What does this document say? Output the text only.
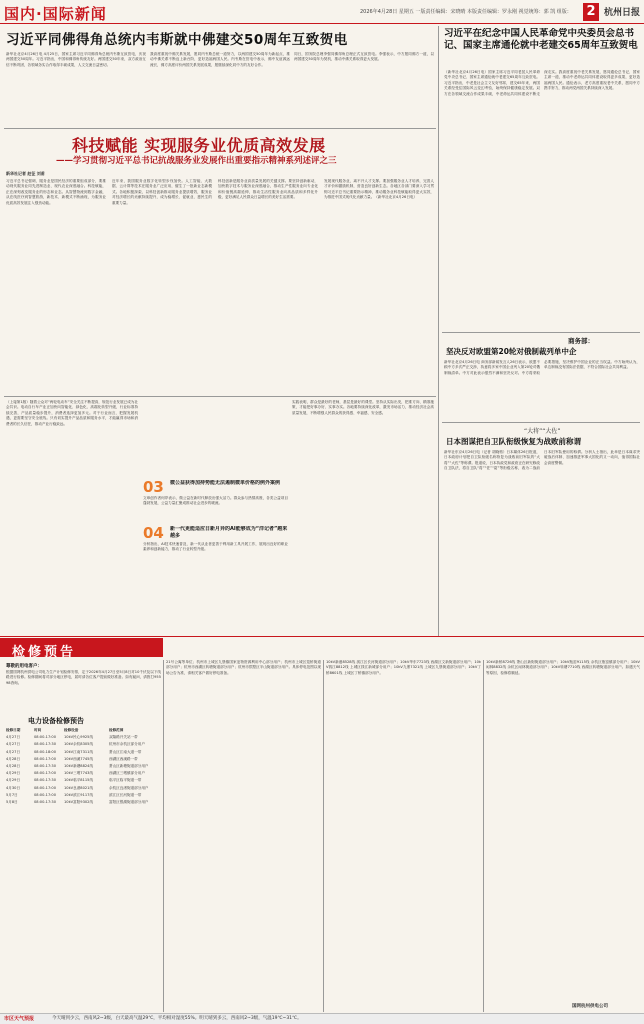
国内·国际新闻	2026年4月28日 星期五 一版责任编辑：宋晓晴 本版责任编辑：罗永刚 视觉统筹：郭 凯 组版： 2 杭州日报
习近平同佛得角总统内韦斯就中佛建交50周年互致贺电
新华社北京4月26日电 4月25日，国家主席习近平同佛得角总统内韦斯互致贺电，庆祝两国建交50周年。习近平指出，中国和佛得角传统友好。两国建交50年来，双方政治互信不断巩固，各领域务实合作取得丰硕成果，人文交流日益密切。
我高度重视中佛关系发展，愿同内韦斯总统一道努力，以两国建交50周年为新起点，推动中佛关系不断迈上新台阶，更好造福两国人民。内韦斯在贺电中表示，佛中友谊源远流长，佛方高度评价两国关系发展成果，愿继续深化同中方的友好合作。
同日，国务院总理李强同佛得角总理正式互致贺电。李强表示，中方愿同佛方一道，以两国建交50周年为契机，推动中佛关系取得更大发展。
科技赋能 实现服务业优质高效发展
——学习贯彻习近平总书记抗战服务业发展作出重要指示精神系列述评之三
新华社记者 赵征 刘甫
习近平总书记强调，服务业是国民经济的重要组成部分，要推动现代服务业同先进制造业、现代农业深度融合。科技赋能，正在深刻改变服务业的形态和业态。从智慧物流到数字金融，从在线医疗到智慧旅游，新技术、新模式不断涌现，为服务业优质高效发展注入强劲动能。
近年来，我国服务业数字化转型步伐加快。人工智能、大数据、云计算等技术在服务业广泛应用，催生了一批新业态新模式。各地积极探索，以科技创新推动服务业提质增效，服务业对经济增长的贡献持续提升，成为稳增长、促就业、惠民生的重要力量。
科技创新是服务业高质量发展的关键支撑。要坚持创新驱动，加快数字技术与服务业深度融合，推动生产性服务业向专业化和价值链高端延伸，推动生活性服务业向高品质和多样化升级，更好满足人民群众日益增长的美好生活需要。
发展现代服务业，离不开人才支撑。要加强服务业人才培养，完善人才评价和激励机制，营造良好创新生态。各地区各部门要深入学习贯彻习近平总书记重要指示精神，推动服务业科技赋能取得更大实效，为推进中国式现代化贡献力量。（新华社北京4月26日电）
习近平在纪念中国人民革命党中央委员会总书记、国家主席通伦就中老建交65周年互致贺电
（新华社北京4月26日电）国家主席习近平同老挝人民革命党中央总书记、国家主席通伦就中老建交65周年互致贺电。习近平指出，中老是社会主义友好邻邦，建交65年来，两国关系经受住国际风云变幻考验，始终保持健康稳定发展。双方在各领域交流合作成果丰硕，中老命运共同体建设不断走深走实。我高度重视中老关系发展，愿同通伦总书记、国家主席一道，推动中老命运共同体建设取得更多成果，更好造福两国人民。通伦表示，老方高度重视老中关系，愿同中方携手努力，推动两党两国关系持续深入发展。
商务部：
坚决反对欧盟第20轮对俄制裁列单中企
新华社北京4月26日电 商务部新闻发言人26日表示，欧盟不顾中方多次严正交涉，执意将多家中国企业列入第20轮对俄制裁清单。中方对此表示强烈不满和坚决反对。中方将采取必要措施，坚决维护中国企业的正当权益。中方始终认为，单边制裁没有国际法依据，不符合国际社会共同利益。
“大将”“大佐”
日本图谋把自卫队衔级恢复为战败前称谓
新华社东京4月26日电（记者 胡晓格）日本媒体26日报道，日本政府计划把自卫队衔级名称恢复为战败前旧军队的“大将”“大佐”等称谓。报道说，日本执政党和政府正在研究修改自卫队法，将自卫队“将”“佐”“尉”等衔级名称，改为二战前日本旧军队使用的称谓。分析人士指出，此举是日本谋求突破战后体制、加速推进军事大国化的又一动向，值得国际社会高度警惕。
（上接第1版）随着公众对“两轮电动车”安全关注不断提高，规范行业发展已成为社会共识。电动自行车产业正加快向智能化、绿色化、高端化转型升级，行业标准持续完善，产品质量稳步提升，消费者选择更加多元。对于行业而言，把握发展机遇，更需要坚守安全底线。只有切实提升产品品质和服务水平，才能赢得市场和消费者的长久信任，推动产业行稳致远。
03 微公益获得加持势能无法遏制微单价格的例外案例
文章创作者何岸表示，微公益在新时代释放出强大活力。群众参与热情高涨，各类公益项目蓬勃发展，公益力量汇聚成推动社会进步的暖流。
04 新一代更能适应日新月异的AI能够成为“洋记者”越来越多
分析指出，AI技术快速普及，新一代从业者更善于利用新工具开展工作，展现出良好的职业素养和创新能力，推动了行业转型升级。
实践表明，群众是最好的老师，基层是最好的课堂。坚持从实际出发，把准方向、精准施策，才能把好事办好、实事办实。各地要持续深化改革，激发市场活力，推动经济社会高质量发展，不断增强人民群众的获得感、幸福感、安全感。
检修预告
尊敬的用电客户：
根据国网杭州供电公司电力生产计划检修安排，定于2026年4月27日至5月8日对10千伏及以下线路进行检修。检修期间将对部分地区停电，届时请各位客户提前做好准备。如有疑问，请拨打95598咨询。
电力设备检修预告
检修日期	时间	检修设备	检修范围
4月27日	08:00-17:00	10kV民心9925线	双隆路开关站一带
4月27日	08:00-17:30	10kV余杭8305线	杭州市余杭区部分用户
4月27日	08:00-18:00	10kV江南7311线	萧山区江南大道一带
4月28日	08:00-17:00	10kV西溪7745线	西湖区西溪路一带
4月28日	08:00-17:30	10kV新塘8824线	萧山区新塘街道部分用户
4月29日	08:00-17:00	10kV三墩7743线	西湖区三墩镇部分用户
4月29日	08:00-17:30	10kV临平8115线	临平区临平街道一带
4月30日	08:00-17:00	10kV良渚8021线	余杭区良渚街道部分用户
5月7日	08:00-17:00	10kV滨江9117线	滨江区长河街道一带
5月8日	08:00-17:30	10kV富阳9302线	富阳区银湖街道部分用户
21号公寓等单位；杭州市上城区九堡镇国家宠物资源利用中心部分用户；杭州市上城区笕桥街道部分用户；杭州市西湖区转塘街道部分用户；杭州市拱墅区半山街道部分用户。具体停电范围以现场公告为准，请相关客户做好停电准备。
10kV新港8528线 滨江区长河街道部分用户；10kV华东7723线 西湖区文新街道部分用户；10kV钱江8812线 上城区钱江新城部分用户；10kV九堡7321线 上城区九堡街道部分用户；10kV丁桥8601线 上城区丁桥镇部分用户。
10kV新桥8726线 萧山区新街街道部分用户；10kV瓶窑9115线 余杭区瓶窑镇部分用户；10kV闲林8832线 余杭区闲林街道部分用户；10kV转塘7710线 西湖区转塘街道部分用户。如遇天气等原因，检修将顺延。
国网杭州供电公司
市区天气预报	今天晴到少云，西南风2~3级，白天最高气温29℃，平均相对湿度55%。明天晴到多云，西南风2~3级，气温19℃~31℃。
